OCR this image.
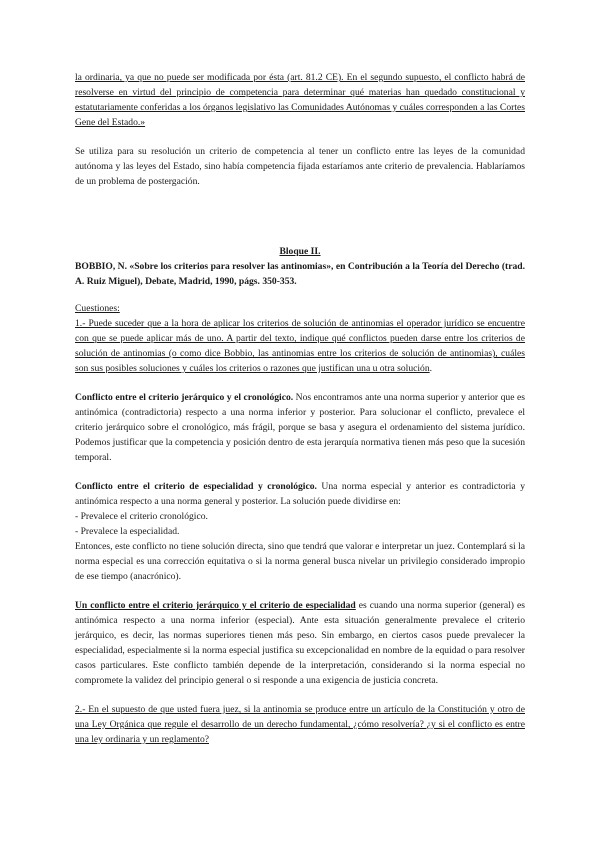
la ordinaria, ya que no puede ser modificada por ésta (art. 81.2 CE). En el segundo supuesto, el conflicto habrá de resolverse en virtud del principio de competencia para determinar qué materias han quedado constitucional y estatutariamente conferidas a los órganos legislativo las Comunidades Autónomas y cuáles corresponden a las Cortes Gene del Estado.»

Se utiliza para su resolución un criterio de competencia al tener un conflicto entre las leyes de la comunidad autónoma y las leyes del Estado, sino había competencia fijada estaríamos ante criterio de prevalencia. Hablaríamos de un problema de postergación.

Bloque II.

BOBBIO, N. «Sobre los criterios para resolver las antinomias», en Contribución a la Teoría del Derecho (trad. A. Ruiz Miguel), Debate, Madrid, 1990, págs. 350-353.

Cuestiones:

1.- Puede suceder que a la hora de aplicar los criterios de solución de antinomias el operador jurídico se encuentre con que se puede aplicar más de uno. A partir del texto, indique qué conflictos pueden darse entre los criterios de solución de antinomias (o como dice Bobbio, las antinomias entre los criterios de solución de antinomias), cuáles son sus posibles soluciones y cuáles los criterios o razones que justifican una u otra solución.

Conflicto entre el criterio jerárquico y el cronológico. Nos encontramos ante una norma superior y anterior que es antinómica (contradictoria) respecto a una norma inferior y posterior. Para solucionar el conflicto, prevalece el criterio jerárquico sobre el cronológico, más frágil, porque se basa y asegura el ordenamiento del sistema jurídico. Podemos justificar que la competencia y posición dentro de esta jerarquía normativa tienen más peso que la sucesión temporal.

Conflicto entre el criterio de especialidad y cronológico. Una norma especial y anterior es contradictoria y antinómica respecto a una norma general y posterior. La solución puede dividirse en:

- Prevalece el criterio cronológico.

- Prevalece la especialidad.

Entonces, este conflicto no tiene solución directa, sino que tendrá que valorar e interpretar un juez. Contemplará si la norma especial es una corrección equitativa o si la norma general busca nivelar un privilegio considerado impropio de ese tiempo (anacrónico).

Un conflicto entre el criterio jerárquico y el criterio de especialidad es cuando una norma superior (general) es antinómica respecto a una norma inferior (especial). Ante esta situación generalmente prevalece el criterio jerárquico, es decir, las normas superiores tienen más peso. Sin embargo, en ciertos casos puede prevalecer la especialidad, especialmente si la norma especial justifica su excepcionalidad en nombre de la equidad o para resolver casos particulares. Este conflicto también depende de la interpretación, considerando si la norma especial no compromete la validez del principio general o si responde a una exigencia de justicia concreta.

2.- En el supuesto de que usted fuera juez, si la antinomia se produce entre un artículo de la Constitución y otro de una Ley Orgánica que regule el desarrollo de un derecho fundamental, ¿cómo resolvería? ¿y si el conflicto es entre una ley ordinaria y un reglamento?
